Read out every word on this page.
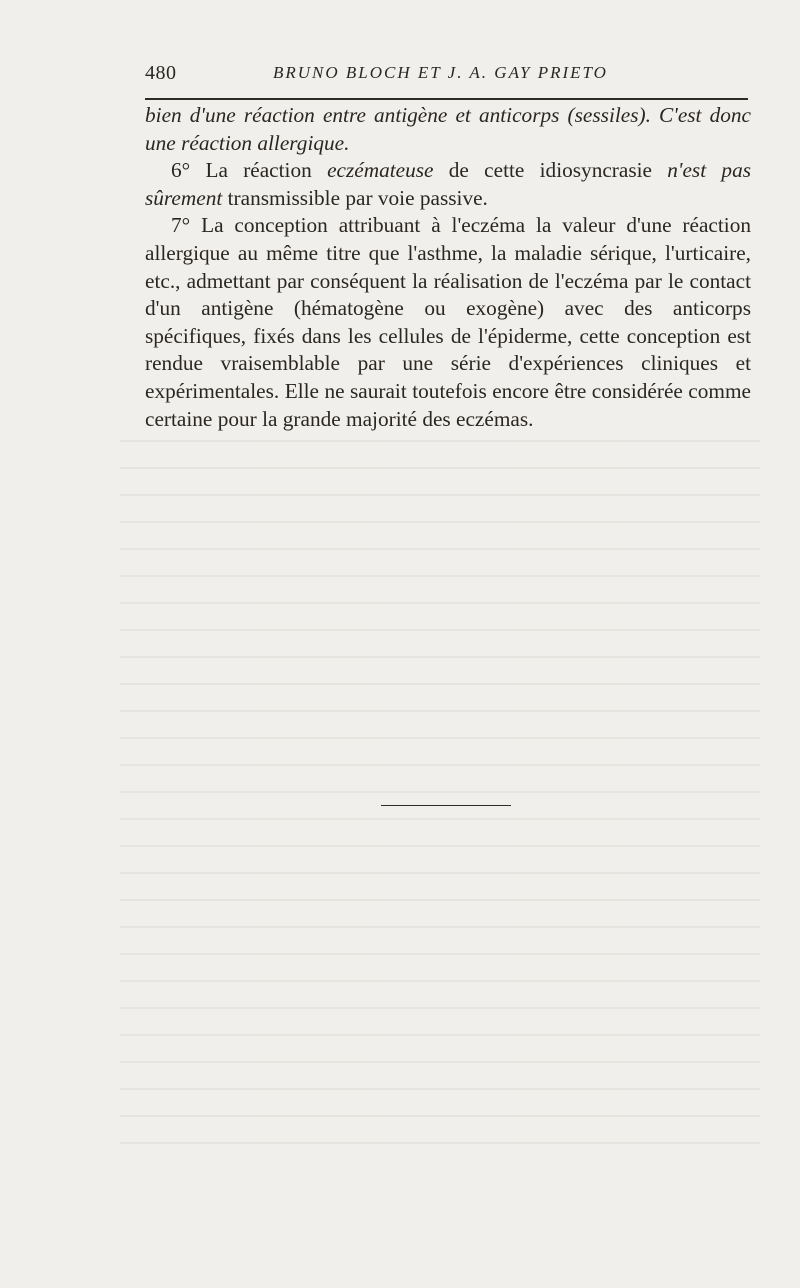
480	BRUNO BLOCH ET J. A. GAY PRIETO

bien d'une réaction entre antigène et anticorps (sessiles). C'est donc une réaction allergique.

6° La réaction eczémateuse de cette idiosyncrasie n'est pas sûrement transmissible par voie passive.

7° La conception attribuant à l'eczéma la valeur d'une réaction allergique au même titre que l'asthme, la maladie sérique, l'urticaire, etc., admettant par conséquent la réalisation de l'eczéma par le contact d'un antigène (hématogène ou exogène) avec des anticorps spécifiques, fixés dans les cellules de l'épiderme, cette conception est rendue vraisemblable par une série d'expériences cliniques et expérimentales. Elle ne saurait toutefois encore être considérée comme certaine pour la grande majorité des eczémas.
